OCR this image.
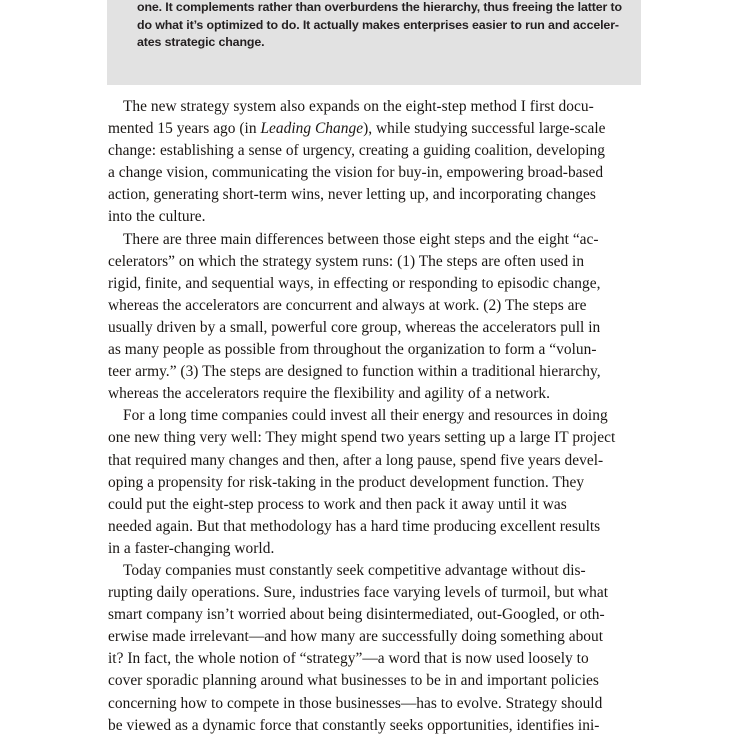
one. It complements rather than overburdens the hierarchy, thus freeing the latter to
do what it’s optimized to do. It actually makes enterprises easier to run and acceler-
ates strategic change.

The new strategy system also expands on the eight-step method I first docu-
mented 15 years ago (in Leading Change), while studying successful large-scale
change: establishing a sense of urgency, creating a guiding coalition, developing
a change vision, communicating the vision for buy-in, empowering broad-based
action, generating short-term wins, never letting up, and incorporating changes
into the culture.

There are three main differences between those eight steps and the eight “ac-
celerators” on which the strategy system runs: (1) The steps are often used in
rigid, finite, and sequential ways, in effecting or responding to episodic change,
whereas the accelerators are concurrent and always at work. (2) The steps are
usually driven by a small, powerful core group, whereas the accelerators pull in
as many people as possible from throughout the organization to form a “volun-
teer army.” (3) The steps are designed to function within a traditional hierarchy,
whereas the accelerators require the flexibility and agility of a network.

For a long time companies could invest all their energy and resources in doing
one new thing very well: They might spend two years setting up a large IT project
that required many changes and then, after a long pause, spend five years devel-
oping a propensity for risk-taking in the product development function. They
could put the eight-step process to work and then pack it away until it was
needed again. But that methodology has a hard time producing excellent results
in a faster-changing world.

Today companies must constantly seek competitive advantage without dis-
rupting daily operations. Sure, industries face varying levels of turmoil, but what
smart company isn’t worried about being disintermediated, out-Googled, or oth-
erwise made irrelevant—and how many are successfully doing something about
it? In fact, the whole notion of “strategy”—a word that is now used loosely to
cover sporadic planning around what businesses to be in and important policies
concerning how to compete in those businesses—has to evolve. Strategy should
be viewed as a dynamic force that constantly seeks opportunities, identifies ini-
